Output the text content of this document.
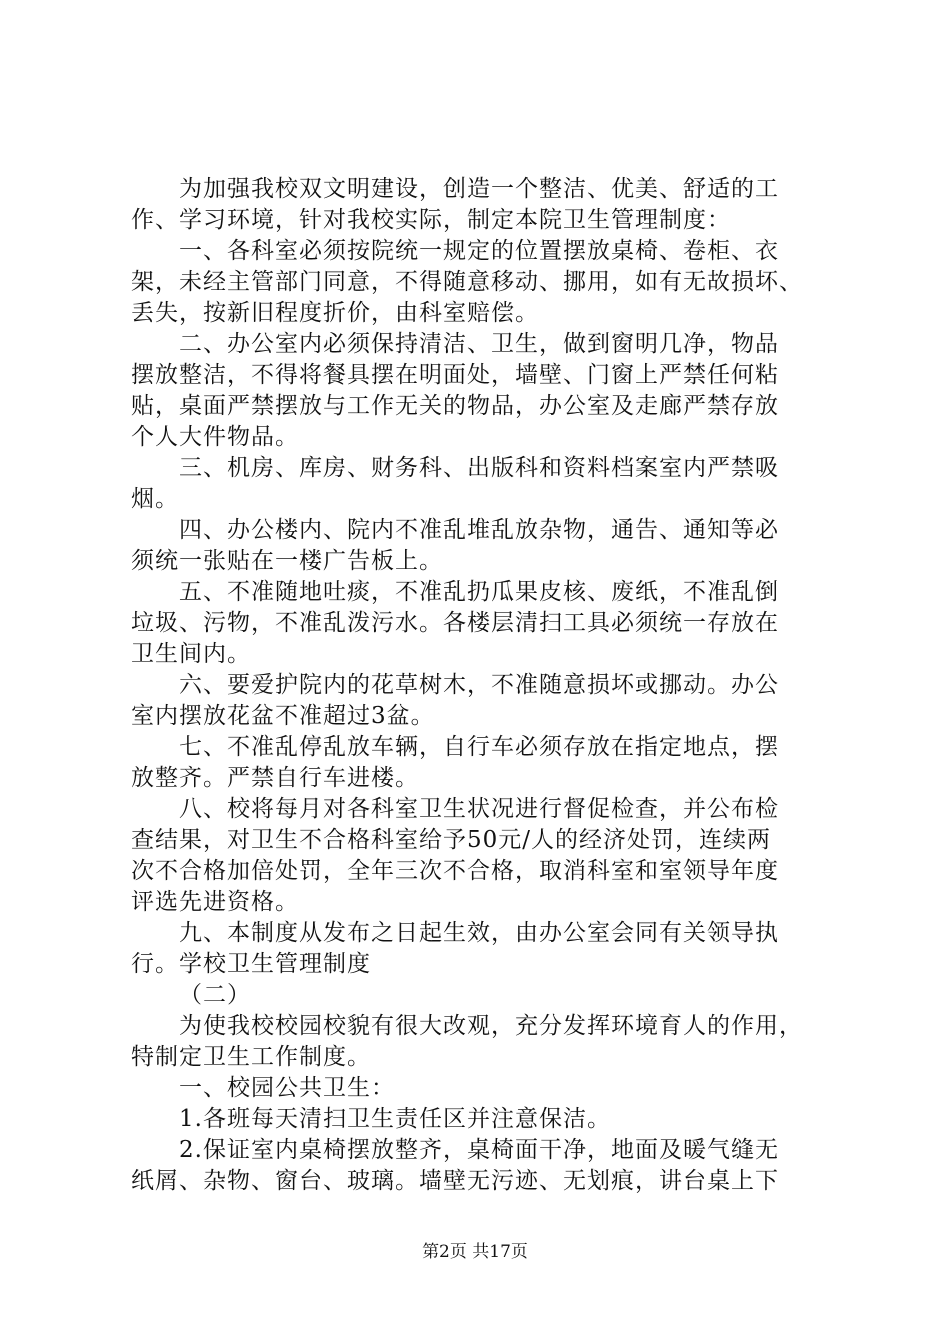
为加强我校双文明建设，创造一个整洁、优美、舒适的工
作、学习环境，针对我校实际，制定本院卫生管理制度：
一、各科室必须按院统一规定的位置摆放桌椅、卷柜、衣
架，未经主管部门同意，不得随意移动、挪用，如有无故损坏、
丢失，按新旧程度折价，由科室赔偿。
二、办公室内必须保持清洁、卫生，做到窗明几净，物品
摆放整洁，不得将餐具摆在明面处，墙壁、门窗上严禁任何粘
贴，桌面严禁摆放与工作无关的物品，办公室及走廊严禁存放
个人大件物品。
三、机房、库房、财务科、出版科和资料档案室内严禁吸
烟。
四、办公楼内、院内不准乱堆乱放杂物，通告、通知等必
须统一张贴在一楼广告板上。
五、不准随地吐痰，不准乱扔瓜果皮核、废纸，不准乱倒
垃圾、污物，不准乱泼污水。各楼层清扫工具必须统一存放在
卫生间内。
六、要爱护院内的花草树木，不准随意损坏或挪动。办公
室内摆放花盆不准超过3盆。
七、不准乱停乱放车辆，自行车必须存放在指定地点，摆
放整齐。严禁自行车进楼。
八、校将每月对各科室卫生状况进行督促检查，并公布检
查结果，对卫生不合格科室给予50元/人的经济处罚，连续两
次不合格加倍处罚，全年三次不合格，取消科室和室领导年度
评选先进资格。
九、本制度从发布之日起生效，由办公室会同有关领导执
行。学校卫生管理制度
（二）
为使我校校园校貌有很大改观，充分发挥环境育人的作用，
特制定卫生工作制度。
一、校园公共卫生：
1.各班每天清扫卫生责任区并注意保洁。
2.保证室内桌椅摆放整齐，桌椅面干净，地面及暖气缝无
纸屑、杂物、窗台、玻璃。墙壁无污迹、无划痕，讲台桌上下
第2页 共17页
